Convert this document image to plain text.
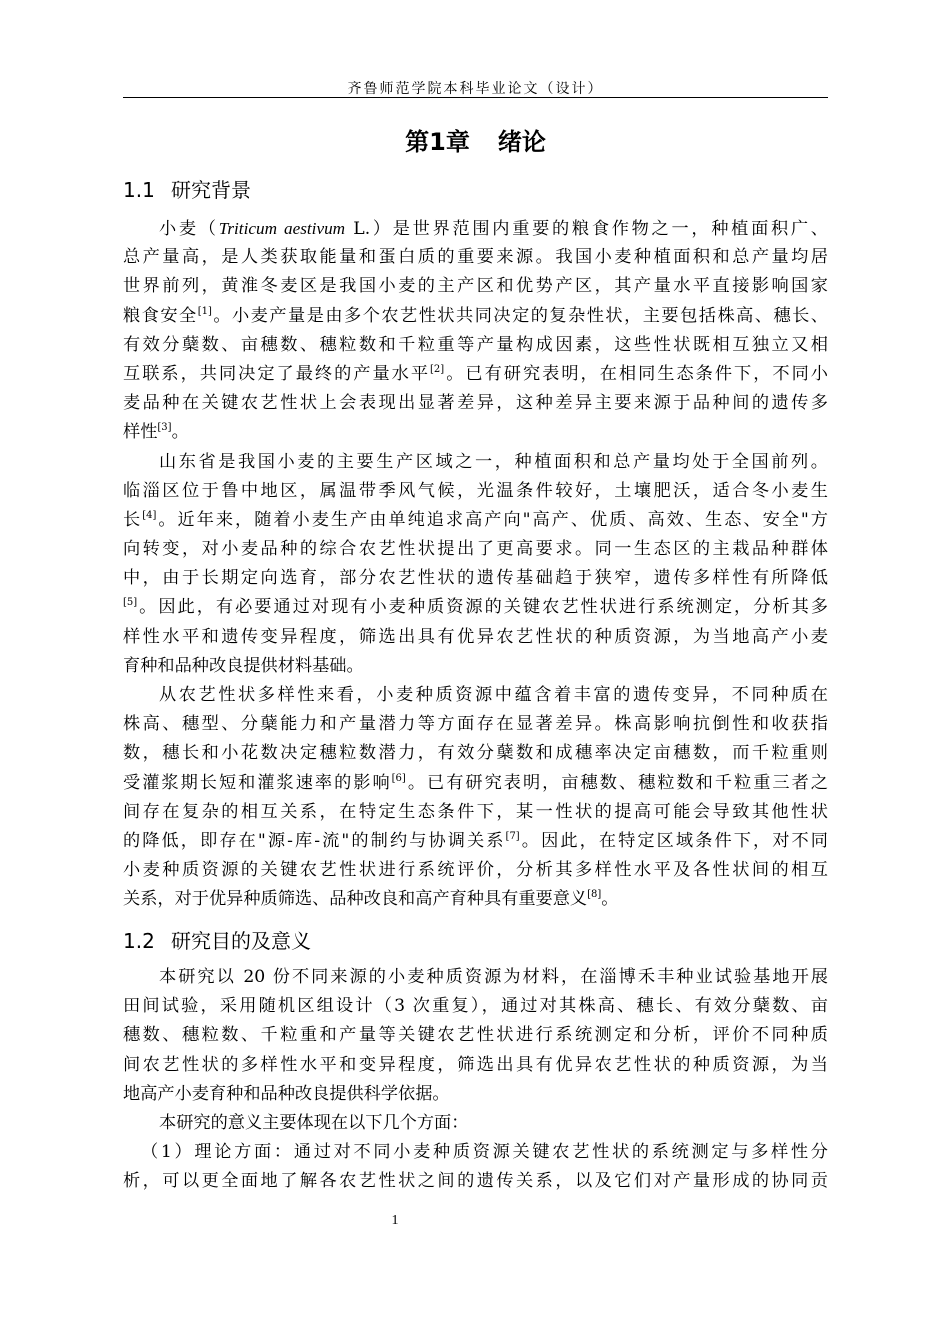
齐鲁师范学院本科毕业论文（设计）
第1章 绪论
1.1 研究背景
小麦（Triticum aestivum L.）是世界范围内重要的粮食作物之一，种植面积广、
总产量高，是人类获取能量和蛋白质的重要来源。我国小麦种植面积和总产量均居
世界前列，黄淮冬麦区是我国小麦的主产区和优势产区，其产量水平直接影响国家
粮食安全[1]。小麦产量是由多个农艺性状共同决定的复杂性状，主要包括株高、穗长、
有效分蘖数、亩穗数、穗粒数和千粒重等产量构成因素，这些性状既相互独立又相
互联系，共同决定了最终的产量水平[2]。已有研究表明，在相同生态条件下，不同小
麦品种在关键农艺性状上会表现出显著差异，这种差异主要来源于品种间的遗传多
样性[3]。
山东省是我国小麦的主要生产区域之一，种植面积和总产量均处于全国前列。
临淄区位于鲁中地区，属温带季风气候，光温条件较好，土壤肥沃，适合冬小麦生
长[4]。近年来，随着小麦生产由单纯追求高产向"高产、优质、高效、生态、安全"方
向转变，对小麦品种的综合农艺性状提出了更高要求。同一生态区的主栽品种群体
中，由于长期定向选育，部分农艺性状的遗传基础趋于狭窄，遗传多样性有所降低
[5]。因此，有必要通过对现有小麦种质资源的关键农艺性状进行系统测定，分析其多
样性水平和遗传变异程度，筛选出具有优异农艺性状的种质资源，为当地高产小麦
育种和品种改良提供材料基础。
从农艺性状多样性来看，小麦种质资源中蕴含着丰富的遗传变异，不同种质在
株高、穗型、分蘖能力和产量潜力等方面存在显著差异。株高影响抗倒性和收获指
数，穗长和小花数决定穗粒数潜力，有效分蘖数和成穗率决定亩穗数，而千粒重则
受灌浆期长短和灌浆速率的影响[6]。已有研究表明，亩穗数、穗粒数和千粒重三者之
间存在复杂的相互关系，在特定生态条件下，某一性状的提高可能会导致其他性状
的降低，即存在"源-库-流"的制约与协调关系[7]。因此，在特定区域条件下，对不同
小麦种质资源的关键农艺性状进行系统评价，分析其多样性水平及各性状间的相互
关系，对于优异种质筛选、品种改良和高产育种具有重要意义[8]。
1.2 研究目的及意义
本研究以 20 份不同来源的小麦种质资源为材料，在淄博禾丰种业试验基地开展
田间试验，采用随机区组设计（3 次重复），通过对其株高、穗长、有效分蘖数、亩
穗数、穗粒数、千粒重和产量等关键农艺性状进行系统测定和分析，评价不同种质
间农艺性状的多样性水平和变异程度，筛选出具有优异农艺性状的种质资源，为当
地高产小麦育种和品种改良提供科学依据。
本研究的意义主要体现在以下几个方面：
（1）理论方面：通过对不同小麦种质资源关键农艺性状的系统测定与多样性分
析，可以更全面地了解各农艺性状之间的遗传关系，以及它们对产量形成的协同贡
1
